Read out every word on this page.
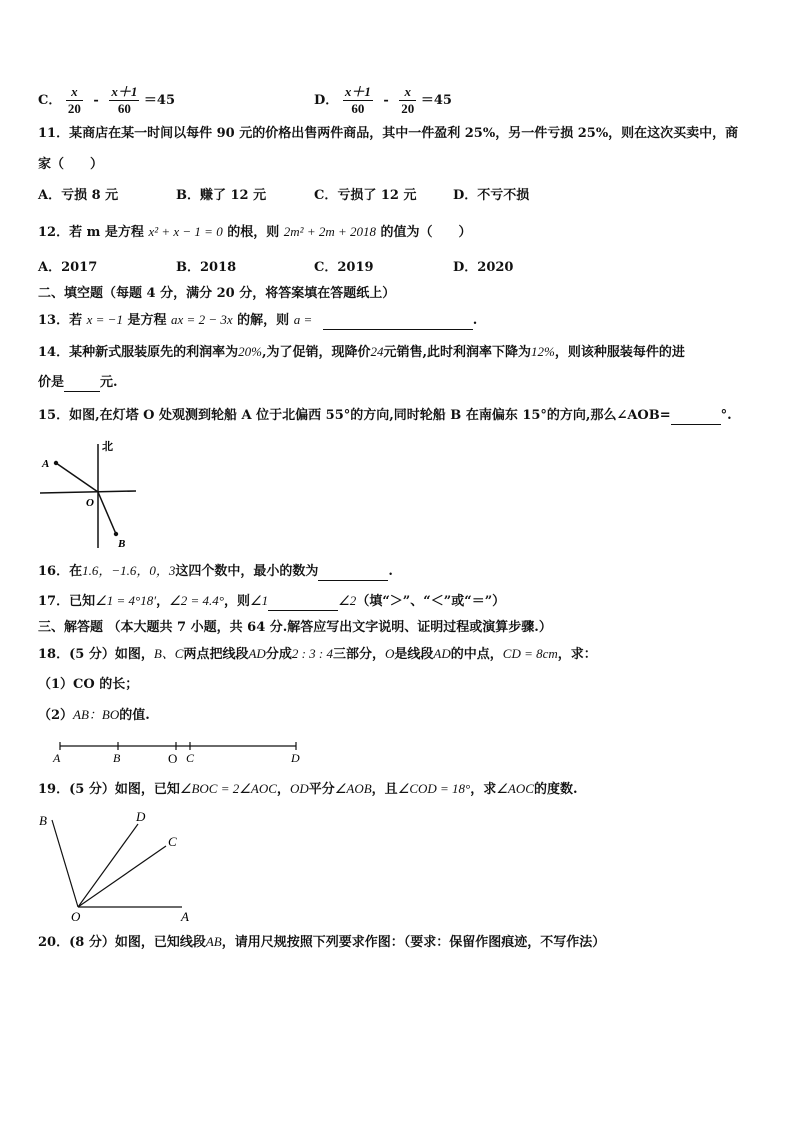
C． $\frac{x}{20} - \frac{x+1}{60} =45$	D． $\frac{x+1}{60} - \frac{x}{20} =45$
11．某商店在某一时间以每件 90 元的价格出售两件商品，其中一件盈利 25%，另一件亏损 25%，则在这次买卖中，商
家（　　）
A．亏损 8 元	B．赚了 12 元	C．亏损了 12 元	D．不亏不损
12．若 m 是方程 x² + x − 1 = 0 的根，则 2m² + 2m + 2018 的值为（　　）
A．2017	B．2018	C．2019	D．2020
二、填空题（每题 4 分，满分 20 分，将答案填在答题纸上）
13．若 x = −1 是方程 ax = 2 − 3x 的解，则 a =	.
14．某种新式服装原先的利润率为20%,为了促销，现降价24元销售,此时利润率下降为12%，则该种服装每件的进
价是	元.
15．如图,在灯塔 O 处观测到轮船 A 位于北偏西 55°的方向,同时轮船 B 在南偏东 15°的方向,那么∠AOB=	°.
北
A
O
B
16．在1.6，−1.6，0，3这四个数中，最小的数为	.
17．已知∠1 = 4°18′，∠2 = 4.4°，则∠1	∠2（填“＞”、“＜”或“＝”）
三、解答题 （本大题共 7 小题，共 64 分.解答应写出文字说明、证明过程或演算步骤.）
18．(5 分）如图，B、C两点把线段AD分成2 : 3 : 4三部分，O是线段AD的中点，CD = 8cm，求：
（1）CO 的长；
（2）AB：BO的值.
A	B	O C	D
19．(5 分）如图，已知∠BOC = 2∠AOC，OD平分∠AOB，且∠COD = 18°，求∠AOC的度数.
B	D
C
O	A
20．(8 分）如图，已知线段AB，请用尺规按照下列要求作图：（要求：保留作图痕迹，不写作法）
